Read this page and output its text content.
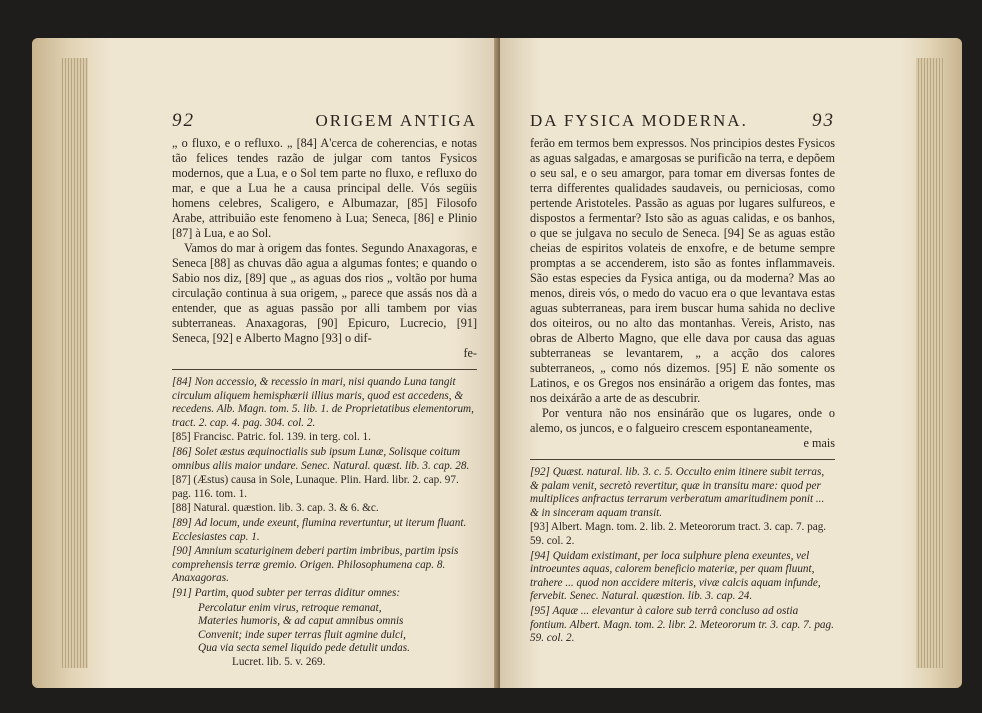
92	ORIGEM ANTIGA

„ o fluxo, e o refluxo. „ [84] A'cerca de coherencias, e notas tão felices tendes razão de julgar com tantos Fysicos modernos, que a Lua, e o Sol tem parte no fluxo, e refluxo do mar, e que a Lua he a causa principal delle. Vós següis homens celebres, Scaligero, e Albumazar, [85] Filosofo Arabe, attribuião este fenomeno à Lua; Seneca, [86] e Plinio [87] à Lua, e ao Sol.

Vamos do mar à origem das fontes. Segundo Anaxagoras, e Seneca [88] as chuvas dão agua a algumas fontes; e quando o Sabio nos diz, [89] que „ as aguas dos rios „ voltão por huma circulação continua à sua origem, „ parece que assás nos dà a entender, que as aguas passão por alli tambem por vias subterraneas. Anaxagoras, [90] Epicuro, Lucrecio, [91] Seneca, [92] e Alberto Magno [93] o dif-

fe-

[84] Non accessio, & recessio in mari, nisi quando Luna tangit circulum aliquem hemisphærii illius maris, quod est accedens, & recedens. Alb. Magn. tom. 5. lib. 1. de Proprietatibus elementorum, tract. 2. cap. 4. pag. 304. col. 2.
[85] Francisc. Patric. fol. 139. in terg. col. 1.
[86] Solet æstus æquinoctialis sub ipsum Lunæ, Solisque coitum omnibus aliis maior undare. Senec. Natural. quæst. lib. 3. cap. 28.
[87] (Æstus) causa in Sole, Lunaque. Plin. Hard. libr. 2. cap. 97. pag. 116. tom. 1.
[88] Natural. quæstion. lib. 3. cap. 3. & 6. &c.
[89] Ad locum, unde exeunt, flumina revertuntur, ut iterum fluant. Ecclesiastes cap. 1.
[90] Amnium scaturiginem deberi partim imbribus, partim ipsis comprehensis terræ gremio. Origen. Philosophumena cap. 8. Anaxagoras.
[91] Partim, quod subter per terras diditur omnes:
Percolatur enim virus, retroque remanat,
Materies humoris, & ad caput amnibus omnis
Convenit; inde super terras fluit agmine dulci,
Qua via secta semel liquido pede detulit undas.
Lucret. lib. 5. v. 269.
DA FYSICA MODERNA.	93

ferão em termos bem expressos. Nos principios destes Fysicos as aguas salgadas, e amargosas se purificão na terra, e depõem o seu sal, e o seu amargor, para tomar em diversas fontes de terra differentes qualidades saudaveis, ou perniciosas, como pertende Aristoteles. Passão as aguas por lugares sulfureos, e dispostos a fermentar? Isto são as aguas calidas, e os banhos, o que se julgava no seculo de Seneca. [94] Se as aguas estão cheias de espiritos volateis de enxofre, e de betume sempre promptas a se accenderem, isto são as fontes inflammaveis. São estas especies da Fysica antiga, ou da moderna? Mas ao menos, direis vós, o medo do vacuo era o que levantava estas aguas subterraneas, para irem buscar huma sahida no declive dos oiteiros, ou no alto das montanhas. Vereis, Aristo, nas obras de Alberto Magno, que elle dava por causa das aguas subterraneas se levantarem, „ a acção dos calores subterraneos, „ como nós dizemos. [95] E não somente os Latinos, e os Gregos nos ensinárão a origem das fontes, mas nos deixárão a arte de as descubrir.

Por ventura não nos ensinárão que os lugares, onde o alemo, os juncos, e o falgueiro crescem espontaneamente,

e mais

[92] Quæst. natural. lib. 3. c. 5. Occulto enim itinere subit terras, & palam venit, secretò revertitur, quæ in transitu mare: quod per multiplices anfractus terrarum verberatum amaritudinem ponit ... & in sinceram aquam transit.
[93] Albert. Magn. tom. 2. lib. 2. Meteororum tract. 3. cap. 7. pag. 59. col. 2.
[94] Quidam existimant, per loca sulphure plena exeuntes, vel introeuntes aquas, calorem beneficio materiæ, per quam fluunt, trahere ... quod non accidere miteris, vivæ calcis aquam infunde, fervebit. Senec. Natural. quæstion. lib. 3. cap. 24.
[95] Aquæ ... elevantur à calore sub terrâ concluso ad ostia fontium. Albert. Magn. tom. 2. libr. 2. Meteororum tr. 3. cap. 7. pag. 59. col. 2.
